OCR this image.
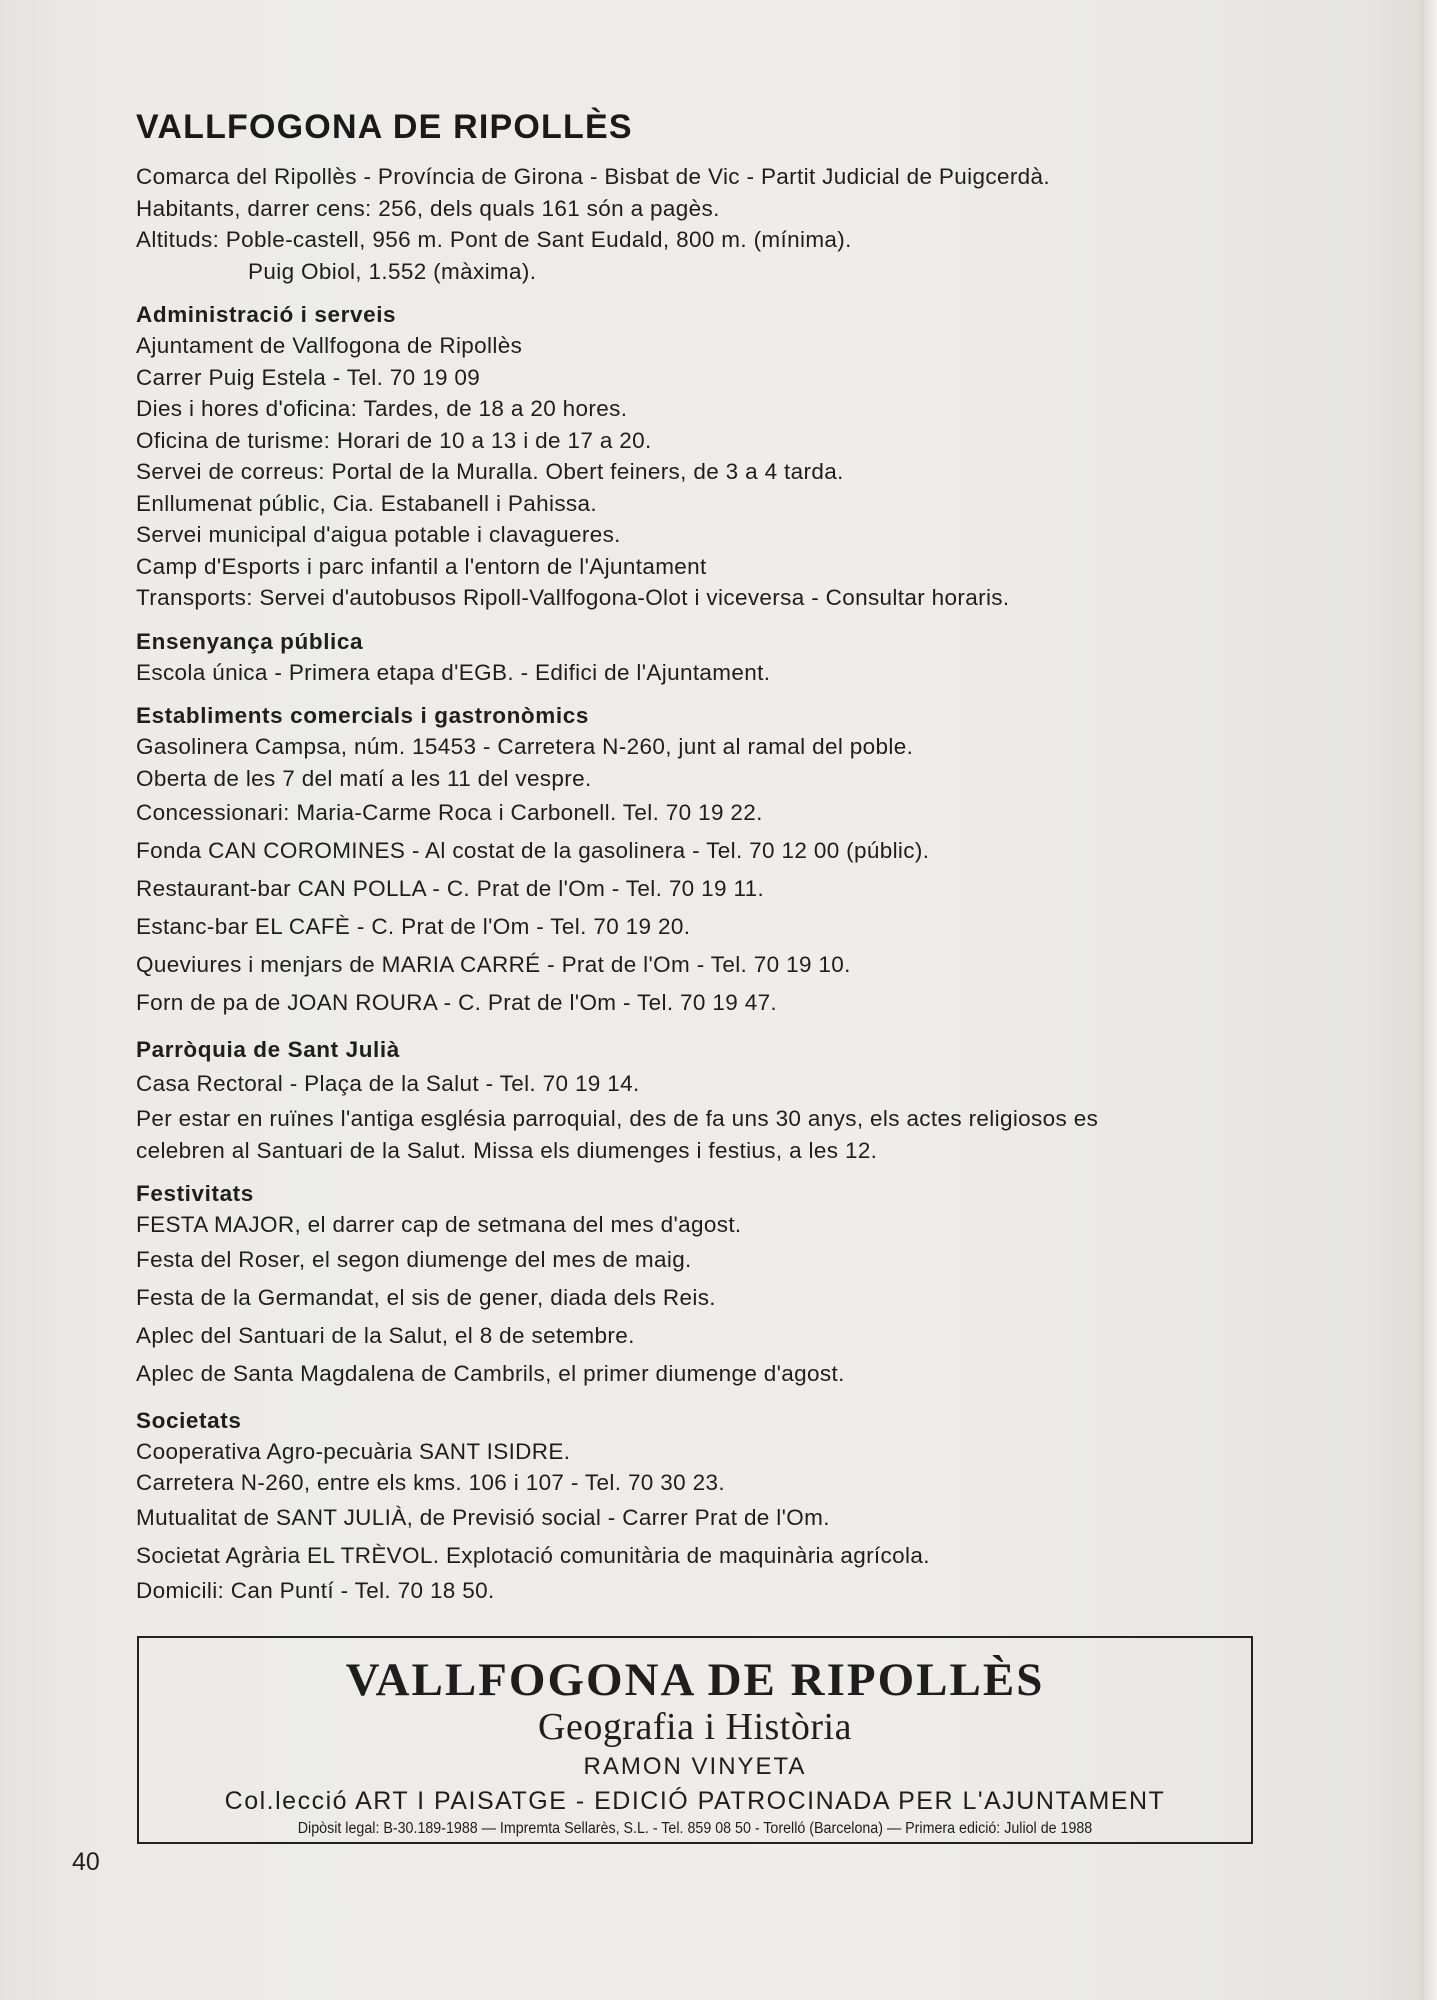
VALLFOGONA DE RIPOLLÈS
Comarca del Ripollès - Província de Girona - Bisbat de Vic - Partit Judicial de Puigcerdà.
Habitants, darrer cens: 256, dels quals 161 són a pagès.
Altituds: Poble-castell, 956 m. Pont de Sant Eudald, 800 m. (mínima).
Puig Obiol, 1.552 (màxima).
Administració i serveis
Ajuntament de Vallfogona de Ripollès
Carrer Puig Estela - Tel. 70 19 09
Dies i hores d'oficina: Tardes, de 18 a 20 hores.
Oficina de turisme: Horari de 10 a 13 i de 17 a 20.
Servei de correus: Portal de la Muralla. Obert feiners, de 3 a 4 tarda.
Enllumenat públic, Cia. Estabanell i Pahissa.
Servei municipal d'aigua potable i clavagueres.
Camp d'Esports i parc infantil a l'entorn de l'Ajuntament
Transports: Servei d'autobusos Ripoll-Vallfogona-Olot i viceversa - Consultar horaris.
Ensenyança pública
Escola única - Primera etapa d'EGB. - Edifici de l'Ajuntament.
Establiments comercials i gastronòmics
Gasolinera Campsa, núm. 15453 - Carretera N-260, junt al ramal del poble.
Oberta de les 7 del matí a les 11 del vespre.
Concessionari: Maria-Carme Roca i Carbonell. Tel. 70 19 22.
Fonda CAN COROMINES - Al costat de la gasolinera - Tel. 70 12 00 (públic).
Restaurant-bar CAN POLLA - C. Prat de l'Om - Tel. 70 19 11.
Estanc-bar EL CAFÈ - C. Prat de l'Om - Tel. 70 19 20.
Queviures i menjars de MARIA CARRÉ - Prat de l'Om - Tel. 70 19 10.
Forn de pa de JOAN ROURA - C. Prat de l'Om - Tel. 70 19 47.
Parròquia de Sant Julià
Casa Rectoral - Plaça de la Salut - Tel. 70 19 14.
Per estar en ruïnes l'antiga església parroquial, des de fa uns 30 anys, els actes religiosos es
celebren al Santuari de la Salut. Missa els diumenges i festius, a les 12.
Festivitats
FESTA MAJOR, el darrer cap de setmana del mes d'agost.
Festa del Roser, el segon diumenge del mes de maig.
Festa de la Germandat, el sis de gener, diada dels Reis.
Aplec del Santuari de la Salut, el 8 de setembre.
Aplec de Santa Magdalena de Cambrils, el primer diumenge d'agost.
Societats
Cooperativa Agro-pecuària SANT ISIDRE.
Carretera N-260, entre els kms. 106 i 107 - Tel. 70 30 23.
Mutualitat de SANT JULIÀ, de Previsió social - Carrer Prat de l'Om.
Societat Agrària EL TRÈVOL. Explotació comunitària de maquinària agrícola.
Domicili: Can Puntí - Tel. 70 18 50.
VALLFOGONA DE RIPOLLÈS
Geografia i Història
RAMON VINYETA
Col.lecció ART I PAISATGE - EDICIÓ PATROCINADA PER L'AJUNTAMENT
Dipòsit legal: B-30.189-1988 — Impremta Sellarès, S.L. - Tel. 859 08 50 - Torelló (Barcelona) — Primera edició: Juliol de 1988
40
